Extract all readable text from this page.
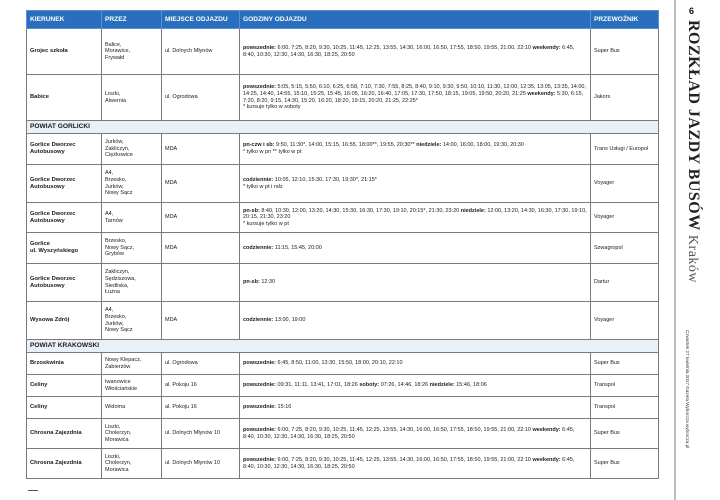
KIERUNEK	PRZEZ	MIEJSCE ODJAZDU	GODZINY ODJAZDU	PRZEWOŹNIK

Grojec szkoła	Balice,
Morawice,
Frywałd	ul. Dolnych Młynów	powszednie: 6:00, 7:25, 8:20, 9:30, 10:25, 11:45, 12:25, 13:55, 14:30, 16:00, 16:50, 17:55, 18:50, 19:55, 21:00, 22:10 weekendy: 6:45, 8:40, 10:30, 12:30, 14:30, 16:30, 18:25, 20:50	Super Bus

Babice	Liszki,
Alwernia	ul. Ogrodowa	powszednie: 5:05, 5:15, 5:50, 6:10, 6:25, 6:58, 7:10, 7:30, 7:55, 8:25, 8:40, 9:10, 9:30, 9:50, 10:10, 11:30, 12:00, 12:35, 13:05, 13:35, 14:00, 14:25, 14:40, 14:55, 15:10, 15:25, 15:45, 16:05, 16:20, 16:40, 17:05, 17:30, 17:50, 18:15, 19:05, 19:50, 20:20, 21:25 weekendy: 5:30, 6:15, 7:20, 8:20, 9:15, 14:30, 15:20, 16:20, 18:20, 19:15, 20:20, 21:25, 22:25*
* kursuje tylko w soboty	Jakors
POWIAT GORLICKI				

Gorlice Dworzec
Autobusowy	Jurków,
Zakliczyn,
Ciężkowice	MDA	pn-czw i sb: 9:50, 11:30*, 14:00, 15:15, 16:55, 18:00**, 19:55, 20:30** niedziele: 14:00, 16:00, 18:00, 19:30, 20:30
* tylko w pn ** tylko w pt	Trans Usługi / Europol

Gorlice Dworzec
Autobusowy	A4,
Brzesko,
Jurków,
Nowy Sącz	MDA	codziennie: 10:05, 12:10, 15:30, 17:30, 19:30*, 21:15*
* tylko w pt i ndz	Voyager

Gorlice Dworzec
Autobusowy	A4,
Tarnów	MDA	pn-sb: 8:40, 10:30, 12:00, 13:20, 14:30, 15:30, 16:30, 17:30, 19:10, 20:15*, 21:30, 23:20 niedziele: 12:00, 13:20, 14:30, 16:30, 17:30, 19:10, 20:15, 21:30, 23:20
* kursuje tylko w pt	Voyager

Gorlice
ul. Wyszyńskiego	Brzesko,
Nowy Sącz,
Grybów	MDA	codziennie: 11:15, 15:45, 20:00	Szwagropol

Gorlice Dworzec
Autobusowy	Zakliczyn,
Sędziszowa,
Siedliska,
Łużna		pn-sb: 12:30	Dartur

Wysowa Zdrój	A4,
Brzesko,
Jurków,
Nowy Sącz	MDA	codziennie: 13:00, 19:00	Voyager
POWIAT KRAKOWSKI				

Brzoskwinia	Nowy Klepacz,
Zabierzów	ul. Ogrodowa	powszednie: 6:45, 8:50, 11:00, 13:30, 15:50, 18:00, 20:10, 22:10	Super Bus

Celiny	Iwanowice
Włościańskie	al. Pokoju 16	powszednie: 09:31, 11:11, 13:41, 17:01, 18:26 soboty: 07:26, 14:46, 18:26 niedziele: 15:46, 18:06	Transpol

Celiny	Widoma	al. Pokoju 16	powszednie: 15:16	Transpol

Chrosna Zajezdnia	Liszki,
Cholerzyn,
Morawica	ul. Dolnych Młynów 10	powszednie: 6:00, 7:25, 8:20, 9:30, 10:25, 11:45, 12:25, 13:55, 14:30, 16:00, 16:50, 17:55, 18:50, 19:55, 21:00, 22:10 weekendy: 6:45, 8:40, 10:30, 12:30, 14:30, 16:30, 18:25, 20:50	Super Bus

Chrosna Zajezdnia	Liszki,
Cholerzyn,
Morawica	ul. Dolnych Młynów 10	powszednie: 6:00, 7:25, 8:20, 9:30, 10:25, 11:45, 12:25, 13:55, 14:30, 16:00, 16:50, 17:55, 18:50, 19:55, 21:00, 22:10 weekendy: 6:45, 8:40, 10:30, 12:30, 14:30, 16:30, 18:25, 20:50	Super Bus
6
ROZKŁAD JAZDY BUSÓW Kraków
Czwartek 27 kwietnia 2017 Gazeta Wyborcza wyborcza.pl
